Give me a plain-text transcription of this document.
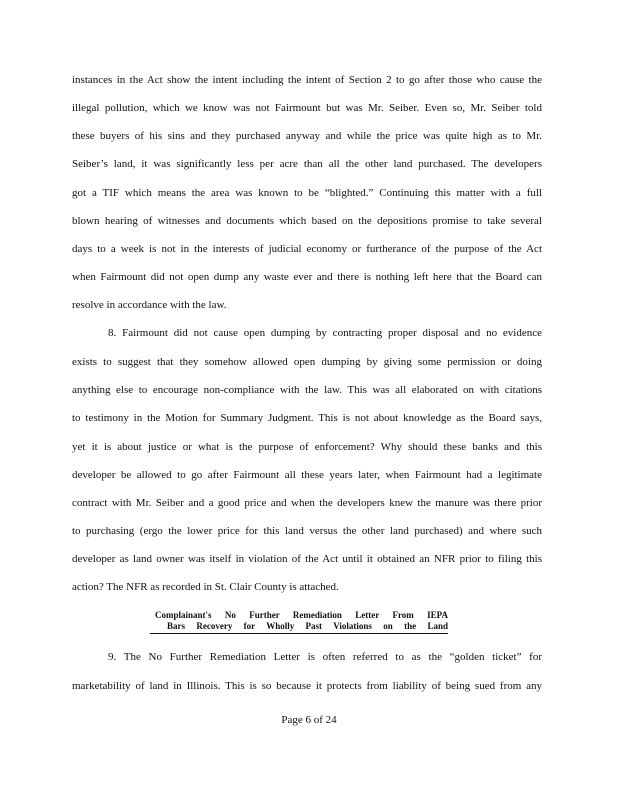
instances in the Act show the intent including the intent of Section 2 to go after those who cause the
illegal pollution, which we know was not Fairmount but was Mr. Seiber. Even so, Mr. Seiber told
these buyers of his sins and they purchased anyway and while the price was quite high as to Mr.
Seiber’s land, it was significantly less per acre than all the other land purchased. The developers
got a TIF which means the area was known to be “blighted.” Continuing this matter with a full
blown hearing of witnesses and documents which based on the depositions promise to take several
days to a week is not in the interests of judicial economy or furtherance of the purpose of the Act
when Fairmount did not open dump any waste ever and there is nothing left here that the Board can
resolve in accordance with the law.
8. Fairmount did not cause open dumping by contracting proper disposal and no evidence
exists to suggest that they somehow allowed open dumping by giving some permission or doing
anything else to encourage non-compliance with the law. This was all elaborated on with citations
to testimony in the Motion for Summary Judgment. This is not about knowledge as the Board says,
yet it is about justice or what is the purpose of enforcement? Why should these banks and this
developer be allowed to go after Fairmount all these years later, when Fairmount had a legitimate
contract with Mr. Seiber and a good price and when the developers knew the manure was there prior
to purchasing (ergo the lower price for this land versus the other land purchased) and where such
developer as land owner was itself in violation of the Act until it obtained an NFR prior to filing this
action? The NFR as recorded in St. Clair County is attached.
Complainant's No Further Remediation Letter From IEPA
Bars Recovery for Wholly Past Violations on the Land
9. The No Further Remediation Letter is often referred to as the “golden ticket” for
marketability of land in Illinois. This is so because it protects from liability of being sued from any
Page 6 of 24
